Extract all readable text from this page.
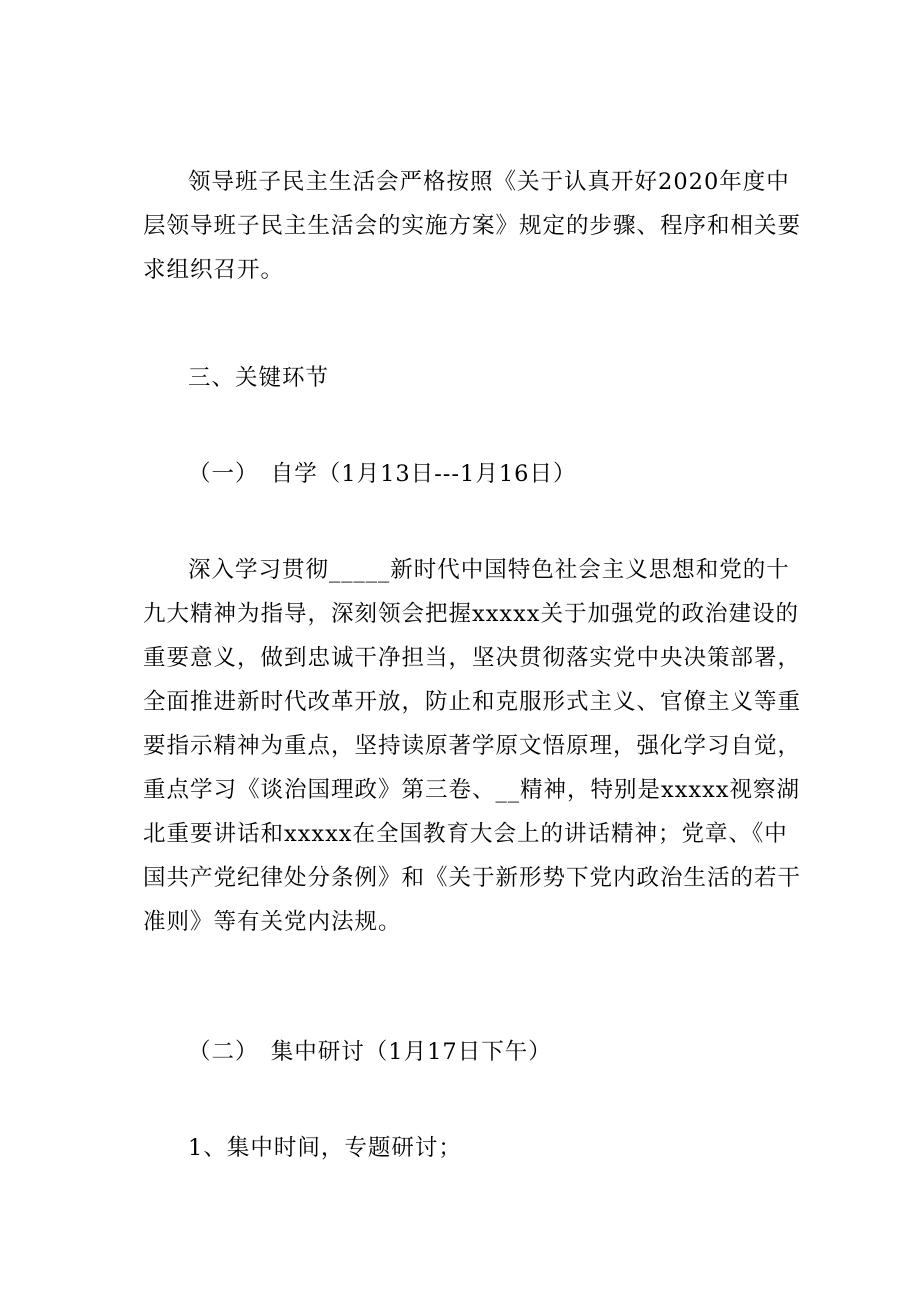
领导班子民主生活会严格按照《关于认真开好2020年度中
层领导班子民主生活会的实施方案》规定的步骤、程序和相关要
求组织召开。
三、关键环节
（一）　自学（1月13日---1月16日）
深入学习贯彻_____新时代中国特色社会主义思想和党的十
九大精神为指导，深刻领会把握xxxxx关于加强党的政治建设的
重要意义，做到忠诚干净担当，坚决贯彻落实党中央决策部署，
全面推进新时代改革开放，防止和克服形式主义、官僚主义等重
要指示精神为重点，坚持读原著学原文悟原理，强化学习自觉，
重点学习《谈治国理政》第三卷、__精神，特别是xxxxx视察湖
北重要讲话和xxxxx在全国教育大会上的讲话精神；党章、《中
国共产党纪律处分条例》和《关于新形势下党内政治生活的若干
准则》等有关党内法规。
（二）　集中研讨（1月17日下午）
1、集中时间，专题研讨；
